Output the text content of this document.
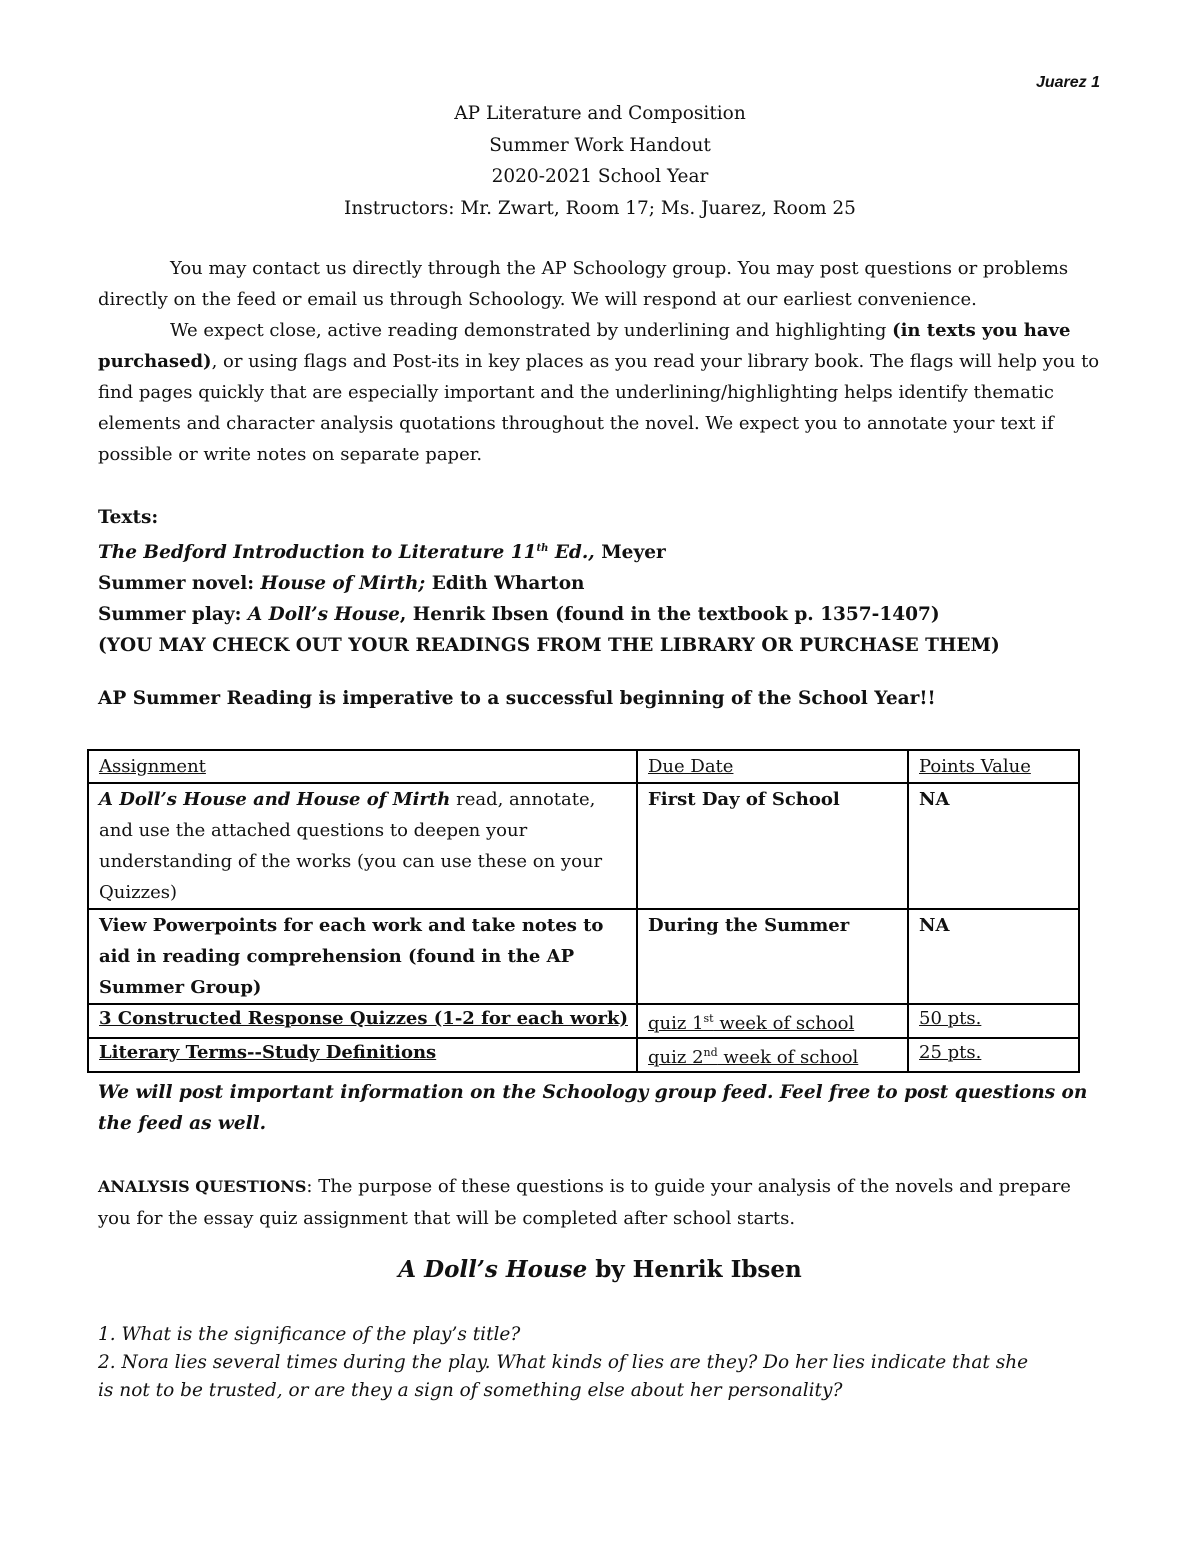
Juarez 1
AP Literature and Composition
Summer Work Handout
2020-2021 School Year
Instructors: Mr. Zwart, Room 17; Ms. Juarez, Room 25

You may contact us directly through the AP Schoology group. You may post questions or problems directly on the feed or email us through Schoology. We will respond at our earliest convenience.

We expect close, active reading demonstrated by underlining and highlighting (in texts you have purchased), or using flags and Post-its in key places as you read your library book. The flags will help you to find pages quickly that are especially important and the underlining/highlighting helps identify thematic elements and character analysis quotations throughout the novel. We expect you to annotate your text if possible or write notes on separate paper.

Texts:
The Bedford Introduction to Literature 11th Ed., Meyer
Summer novel: House of Mirth; Edith Wharton
Summer play: A Doll’s House, Henrik Ibsen (found in the textbook p. 1357-1407)
(YOU MAY CHECK OUT YOUR READINGS FROM THE LIBRARY OR PURCHASE THEM)
AP Summer Reading is imperative to a successful beginning of the School Year!!
Assignment	Due Date	Points Value
A Doll’s House and House of Mirth read, annotate, and use the attached questions to deepen your understanding of the works (you can use these on your Quizzes)	First Day of School	NA
View Powerpoints for each work and take notes to aid in reading comprehension (found in the AP Summer Group)	During the Summer	NA
3 Constructed Response Quizzes (1-2 for each work)	quiz 1st week of school	50 pts.
Literary Terms--Study Definitions	quiz 2nd week of school	25 pts.
We will post important information on the Schoology group feed. Feel free to post questions on the feed as well.
ANALYSIS QUESTIONS: The purpose of these questions is to guide your analysis of the novels and prepare you for the essay quiz assignment that will be completed after school starts.
A Doll’s House by Henrik Ibsen
1. What is the significance of the play’s title?
2. Nora lies several times during the play. What kinds of lies are they? Do her lies indicate that she
is not to be trusted, or are they a sign of something else about her personality?
